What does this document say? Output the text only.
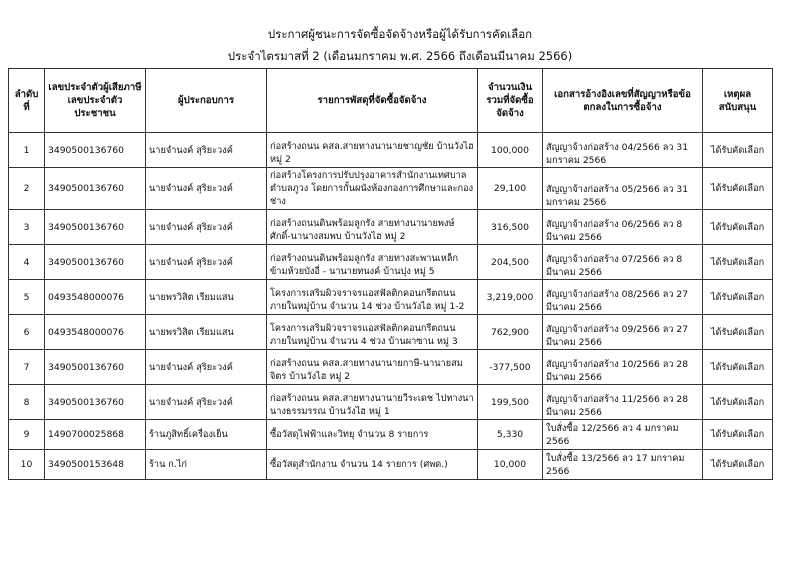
ประกาศผู้ชนะการจัดซื้อจัดจ้างหรือผู้ได้รับการคัดเลือก
ประจำไตรมาสที่ 2 (เดือนมกราคม พ.ศ. 2566 ถึงเดือนมีนาคม 2566)
ลำดับที่	เลขประจำตัวผู้เสียภาษี เลขประจำตัวประชาชน	ผู้ประกอบการ	รายการพัสดุที่จัดซื้อจัดจ้าง	จำนวนเงินรวมที่จัดซื้อจัดจ้าง	เอกสารอ้างอิงเลขที่สัญญาหรือข้อตกลงในการซื้อจ้าง	เหตุผลสนับสนุน
1	3490500136760	นายจำนงค์ สุริยะวงค์	ก่อสร้างถนน คสล.สายทางนานายชาญชัย บ้านวังไฮ หมู่ 2	100,000	สัญญาจ้างก่อสร้าง 04/2566 ลว 31 มกราคม 2566	ได้รับคัดเลือก
2	3490500136760	นายจำนงค์ สุริยะวงค์	ก่อสร้างโครงการปรับปรุงอาคารสำนักงานเทศบาลตำบลภูวง โดยการกั้นผนังห้องกองการศึกษาและกองช่าง	29,100	สัญญาจ้างก่อสร้าง 05/2566 ลว 31 มกราคม 2566	ได้รับคัดเลือก
3	3490500136760	นายจำนงค์ สุริยะวงค์	ก่อสร้างถนนดินพร้อมลูกรัง สายทางนานายพงษ์ศักดิ์-นานางสมพบ บ้านวังไฮ หมู่ 2	316,500	สัญญาจ้างก่อสร้าง 06/2566 ลว 8 มีนาคม 2566	ได้รับคัดเลือก
4	3490500136760	นายจำนงค์ สุริยะวงค์	ก่อสร้างถนนดินพร้อมลูกรัง สายทางสะพานเหล็กข้ามห้วยบังอี่ - นานายทนงค์ บ้านบุ่ง หมู่ 5	204,500	สัญญาจ้างก่อสร้าง 07/2566 ลว 8 มีนาคม 2566	ได้รับคัดเลือก
5	0493548000076	นายพรวิสิต เรียมแสน	โครงการเสริมผิวจราจรแอสฟัลติกคอนกรีตถนนภายในหมู่บ้าน จำนวน 14 ช่วง บ้านวังไฮ หมู่ 1-2	3,219,000	สัญญาจ้างก่อสร้าง 08/2566 ลว 27 มีนาคม 2566	ได้รับคัดเลือก
6	0493548000076	นายพรวิสิต เรียมแสน	โครงการเสริมผิวจราจรแอสฟัลติกคอนกรีตถนนภายในหมู่บ้าน จำนวน 4 ช่วง บ้านผาซาน หมู่ 3	762,900	สัญญาจ้างก่อสร้าง 09/2566 ลว 27 มีนาคม 2566	ได้รับคัดเลือก
7	3490500136760	นายจำนงค์ สุริยะวงค์	ก่อสร้างถนน คสล.สายทางนานายกาษี-นานายสมจิตร บ้านวังไฮ หมู่ 2	-377,500	สัญญาจ้างก่อสร้าง 10/2566 ลว 28 มีนาคม 2566	ได้รับคัดเลือก
8	3490500136760	นายจำนงค์ สุริยะวงค์	ก่อสร้างถนน คสล.สายทางนานายวีระเดช ไปทางนานางธรรมรรณ บ้านวังไฮ หมู่ 1	199,500	สัญญาจ้างก่อสร้าง 11/2566 ลว 28 มีนาคม 2566	ได้รับคัดเลือก
9	1490700025868	ร้านภูสิทธิ์เครื่องเย็น	ซื้อวัสดุไฟฟ้าและวิทยุ จำนวน 8 รายการ	5,330	ใบสั่งซื้อ 12/2566 ลว 4 มกราคม 2566	ได้รับคัดเลือก
10	3490500153648	ร้าน ก.ไก่	ซื้อวัสดุสำนักงาน จำนวน 14 รายการ (ศพด.)	10,000	ใบสั่งซื้อ 13/2566 ลว 17 มกราคม 2566	ได้รับคัดเลือก
